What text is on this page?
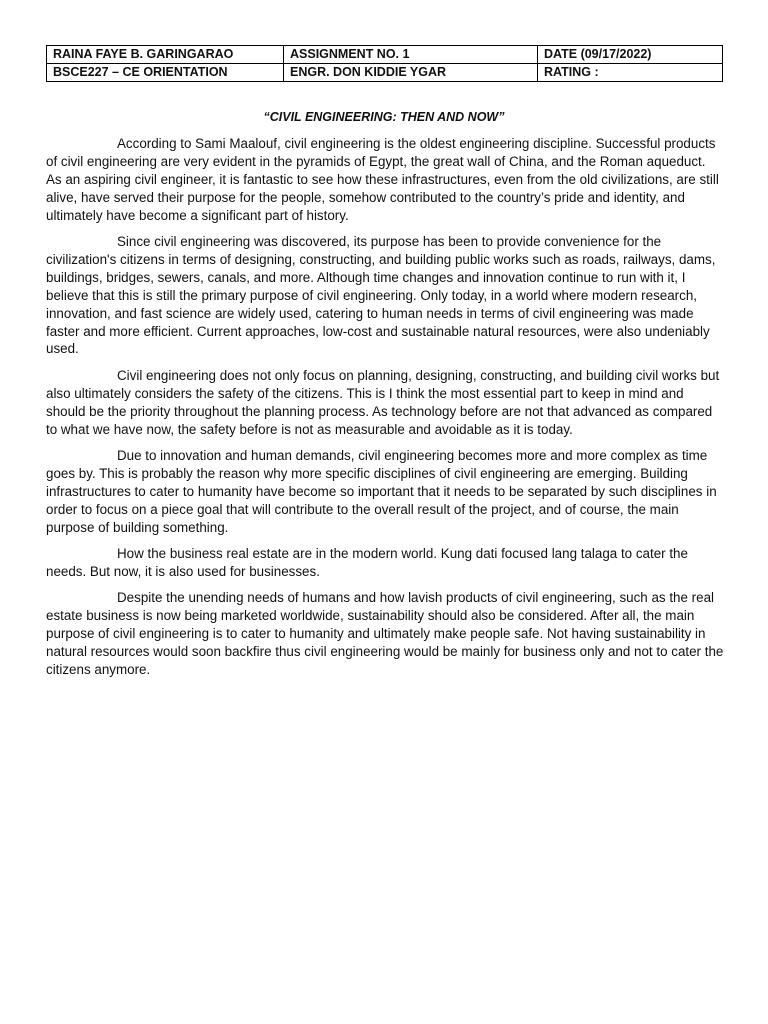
RAINA FAYE B. GARINGARAO	ASSIGNMENT NO. 1	DATE (09/17/2022)
BSCE227 – CE ORIENTATION	ENGR. DON KIDDIE YGAR	RATING :
“CIVIL ENGINEERING: THEN AND NOW”

According to Sami Maalouf, civil engineering is the oldest engineering discipline. Successful products of civil engineering are very evident in the pyramids of Egypt, the great wall of China, and the Roman aqueduct. As an aspiring civil engineer, it is fantastic to see how these infrastructures, even from the old civilizations, are still alive, have served their purpose for the people, somehow contributed to the country’s pride and identity, and ultimately have become a significant part of history.

Since civil engineering was discovered, its purpose has been to provide convenience for the civilization's citizens in terms of designing, constructing, and building public works such as roads, railways, dams, buildings, bridges, sewers, canals, and more. Although time changes and innovation continue to run with it, I believe that this is still the primary purpose of civil engineering. Only today, in a world where modern research, innovation, and fast science are widely used, catering to human needs in terms of civil engineering was made faster and more efficient. Current approaches, low-cost and sustainable natural resources, were also undeniably used.

Civil engineering does not only focus on planning, designing, constructing, and building civil works but also ultimately considers the safety of the citizens. This is I think the most essential part to keep in mind and should be the priority throughout the planning process. As technology before are not that advanced as compared to what we have now, the safety before is not as measurable and avoidable as it is today.

Due to innovation and human demands, civil engineering becomes more and more complex as time goes by. This is probably the reason why more specific disciplines of civil engineering are emerging. Building infrastructures to cater to humanity have become so important that it needs to be separated by such disciplines in order to focus on a piece goal that will contribute to the overall result of the project, and of course, the main purpose of building something.

How the business real estate are in the modern world. Kung dati focused lang talaga to cater the needs. But now, it is also used for businesses.

Despite the unending needs of humans and how lavish products of civil engineering, such as the real estate business is now being marketed worldwide, sustainability should also be considered. After all, the main purpose of civil engineering is to cater to humanity and ultimately make people safe. Not having sustainability in natural resources would soon backfire thus civil engineering would be mainly for business only and not to cater the citizens anymore.
